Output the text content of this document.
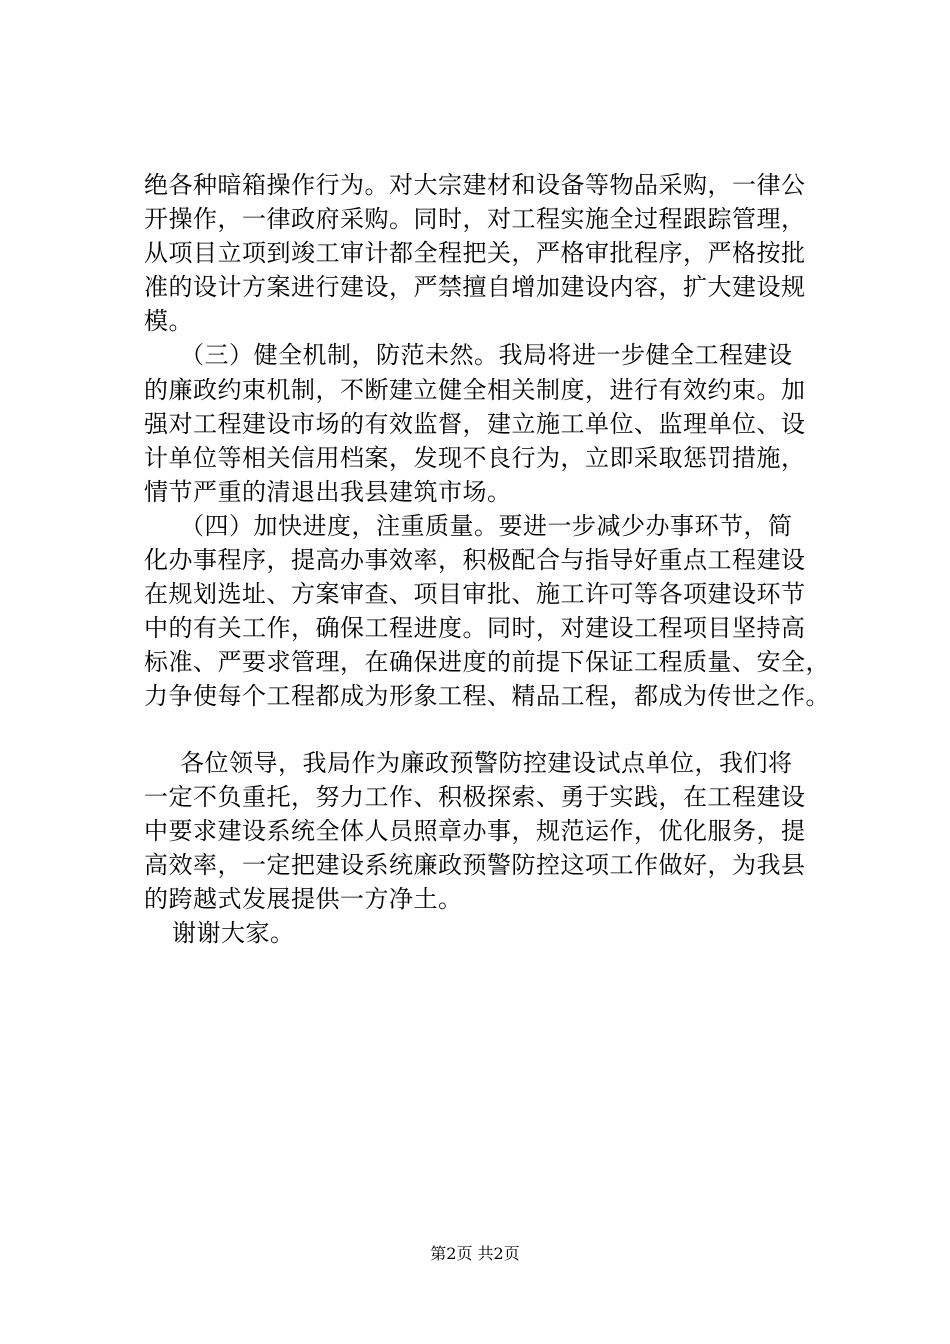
绝各种暗箱操作行为。对大宗建材和设备等物品采购，一律公
开操作，一律政府采购。同时，对工程实施全过程跟踪管理，
从项目立项到竣工审计都全程把关，严格审批程序，严格按批
准的设计方案进行建设，严禁擅自增加建设内容，扩大建设规
模。
（三）健全机制，防范未然。我局将进一步健全工程建设
的廉政约束机制，不断建立健全相关制度，进行有效约束。加
强对工程建设市场的有效监督，建立施工单位、监理单位、设
计单位等相关信用档案，发现不良行为，立即采取惩罚措施，
情节严重的清退出我县建筑市场。
（四）加快进度，注重质量。要进一步减少办事环节，简
化办事程序，提高办事效率，积极配合与指导好重点工程建设
在规划选址、方案审查、项目审批、施工许可等各项建设环节
中的有关工作，确保工程进度。同时，对建设工程项目坚持高
标准、严要求管理，在确保进度的前提下保证工程质量、安全，
力争使每个工程都成为形象工程、精品工程，都成为传世之作。
各位领导，我局作为廉政预警防控建设试点单位，我们将
一定不负重托，努力工作、积极探索、勇于实践，在工程建设
中要求建设系统全体人员照章办事，规范运作，优化服务，提
高效率，一定把建设系统廉政预警防控这项工作做好，为我县
的跨越式发展提供一方净土。
谢谢大家。
第2页 共2页
